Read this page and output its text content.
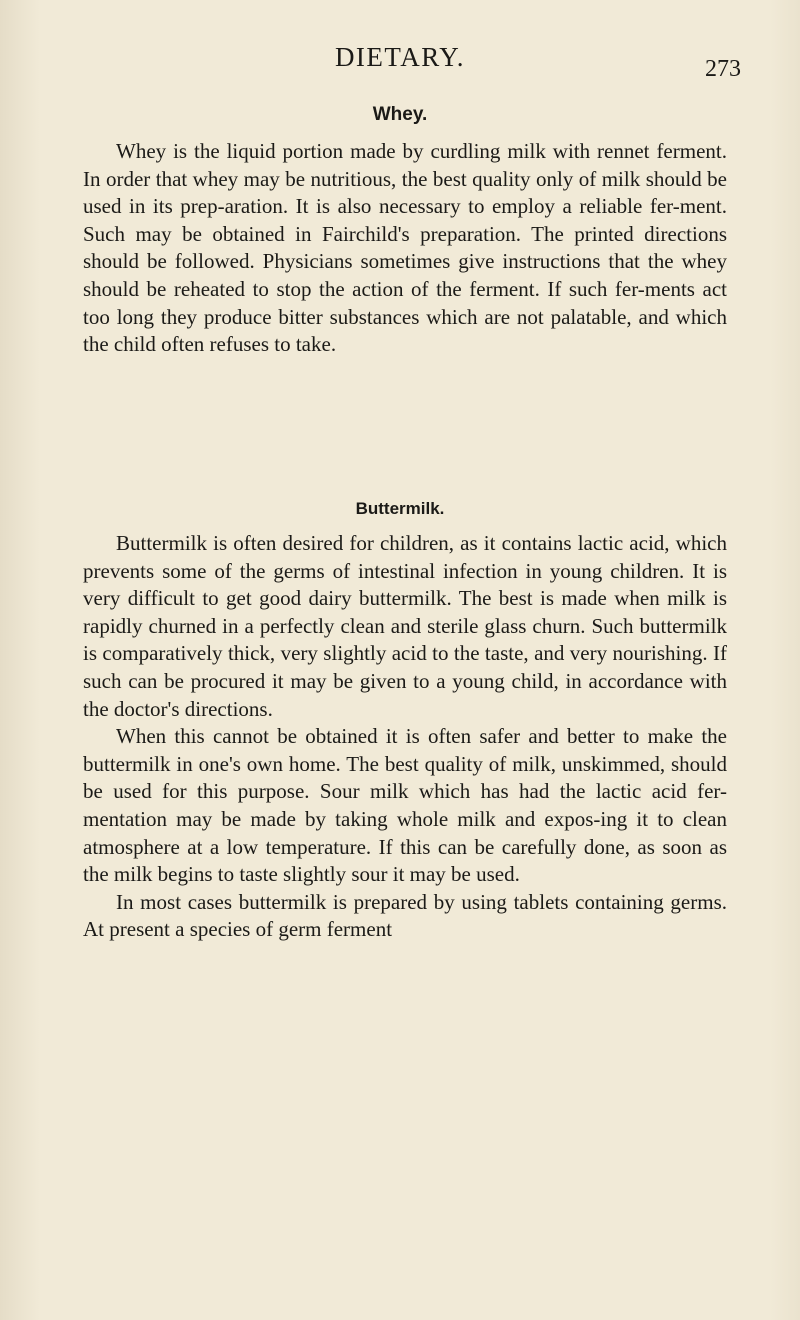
DIETARY.	273
Whey.

Whey is the liquid portion made by curdling milk with rennet ferment. In order that whey may be nutritious, the best quality only of milk should be used in its prep-aration. It is also necessary to employ a reliable fer-ment. Such may be obtained in Fairchild's preparation. The printed directions should be followed. Physicians sometimes give instructions that the whey should be reheated to stop the action of the ferment. If such fer-ments act too long they produce bitter substances which are not palatable, and which the child often refuses to take.

Buttermilk.

Buttermilk is often desired for children, as it contains lactic acid, which prevents some of the germs of intestinal infection in young children. It is very difficult to get good dairy buttermilk. The best is made when milk is rapidly churned in a perfectly clean and sterile glass churn. Such buttermilk is comparatively thick, very slightly acid to the taste, and very nourishing. If such can be procured it may be given to a young child, in accordance with the doctor's directions.

When this cannot be obtained it is often safer and better to make the buttermilk in one's own home. The best quality of milk, unskimmed, should be used for this purpose. Sour milk which has had the lactic acid fer-mentation may be made by taking whole milk and expos-ing it to clean atmosphere at a low temperature. If this can be carefully done, as soon as the milk begins to taste slightly sour it may be used.

In most cases buttermilk is prepared by using tablets containing germs. At present a species of germ ferment
